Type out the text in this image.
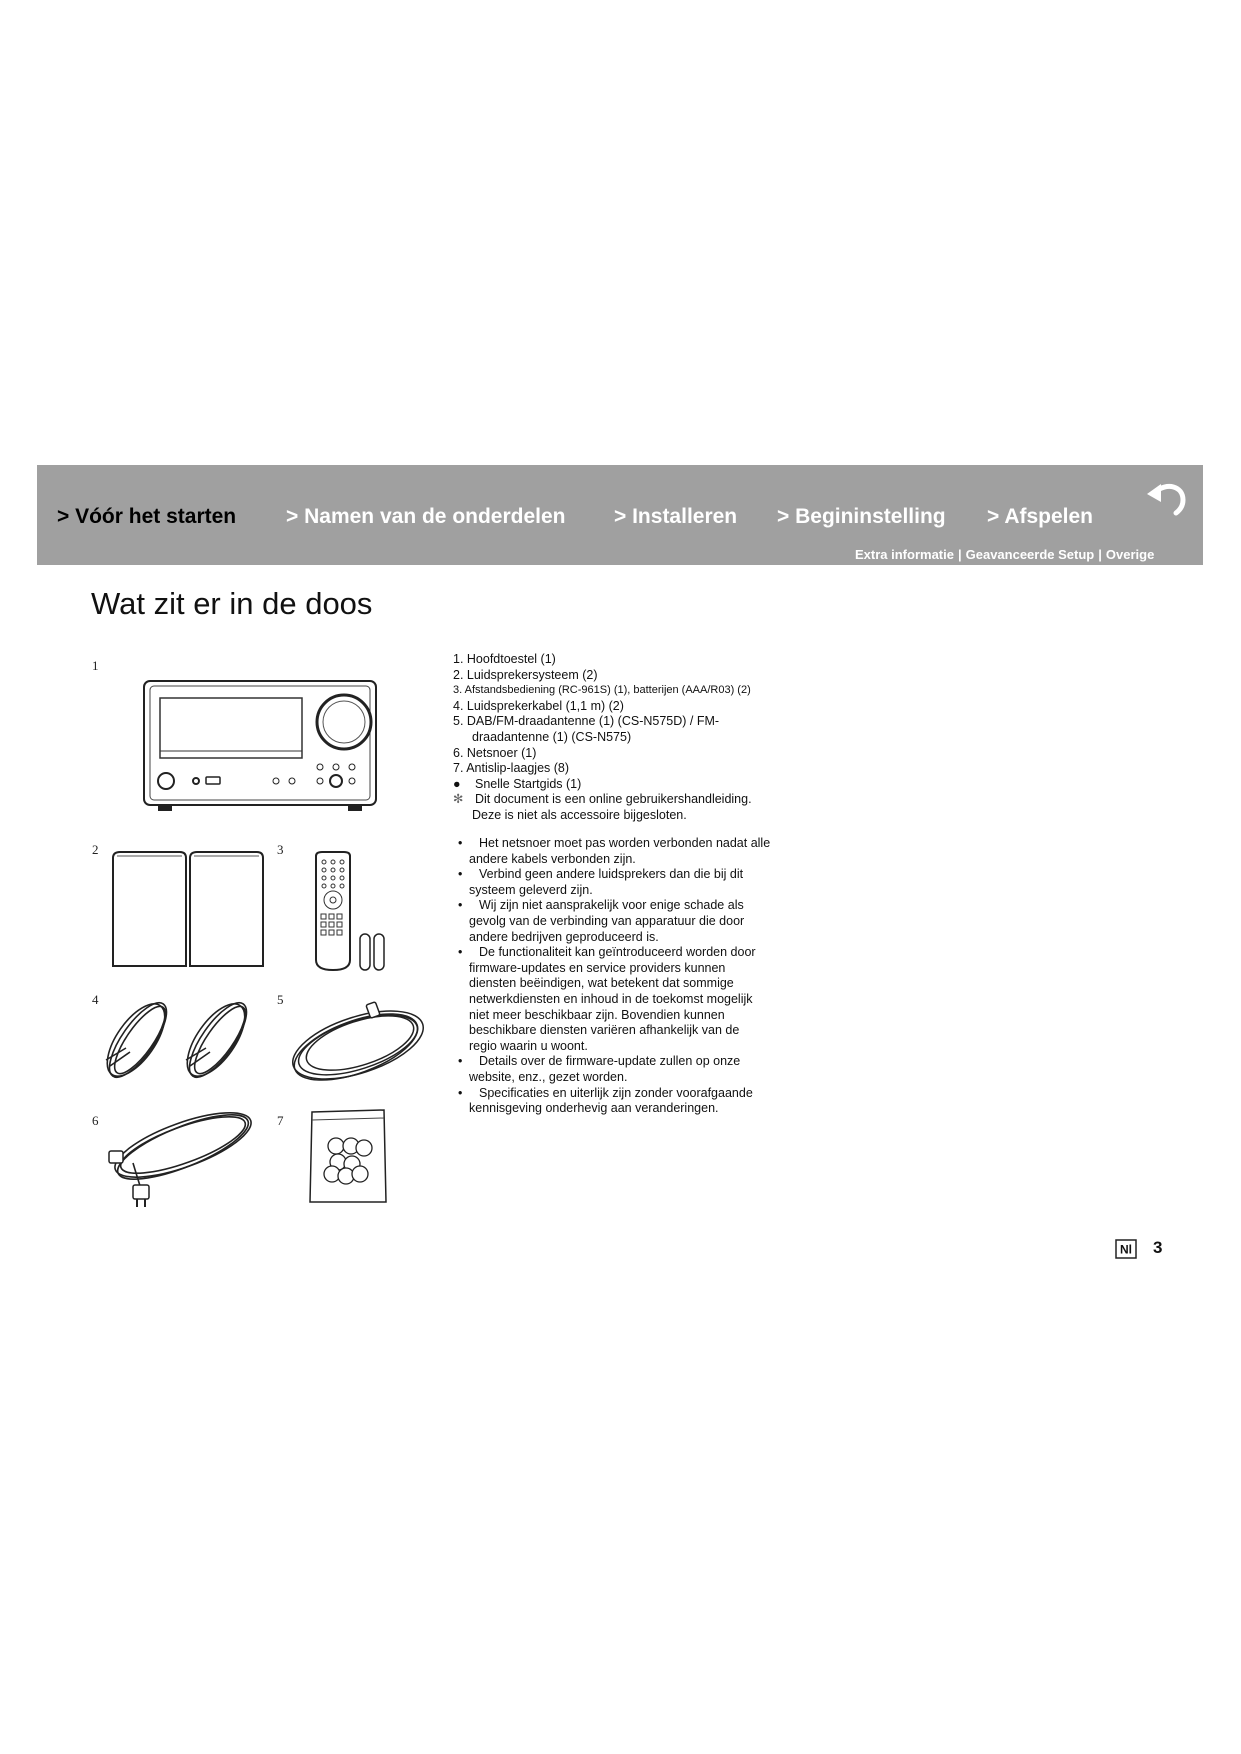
> Vóór het starten > Namen van de onderdelen > Installeren > Begininstelling > Afspelen
Extra informatie | Geavanceerde Setup | Overige
Wat zit er in de doos
1
2	3
4	5
6	7
1. Hoofdtoestel (1)
2. Luidsprekersysteem (2)
3. Afstandsbediening (RC-961S) (1), batterijen (AAA/R03) (2)
4. Luidsprekerkabel (1,1 m) (2)
5. DAB/FM-draadantenne (1) (CS-N575D) / FM-
draadantenne (1) (CS-N575)
6. Netsnoer (1)
7. Antislip-laagjes (8)
● Snelle Startgids (1)
✻ Dit document is een online gebruikershandleiding.
Deze is niet als accessoire bijgesloten.
•	Het netsnoer moet pas worden verbonden nadat alle
andere kabels verbonden zijn.
•	Verbind geen andere luidsprekers dan die bij dit
systeem geleverd zijn.
•	Wij zijn niet aansprakelijk voor enige schade als
gevolg van de verbinding van apparatuur die door
andere bedrijven geproduceerd is.
•	De functionaliteit kan geïntroduceerd worden door
firmware-updates en service providers kunnen
diensten beëindigen, wat betekent dat sommige
netwerkdiensten en inhoud in de toekomst mogelijk
niet meer beschikbaar zijn. Bovendien kunnen
beschikbare diensten variëren afhankelijk van de
regio waarin u woont.
•	Details over de firmware-update zullen op onze
website, enz., gezet worden.
•	Specificaties en uiterlijk zijn zonder voorafgaande
kennisgeving onderhevig aan veranderingen.
Nl 3
